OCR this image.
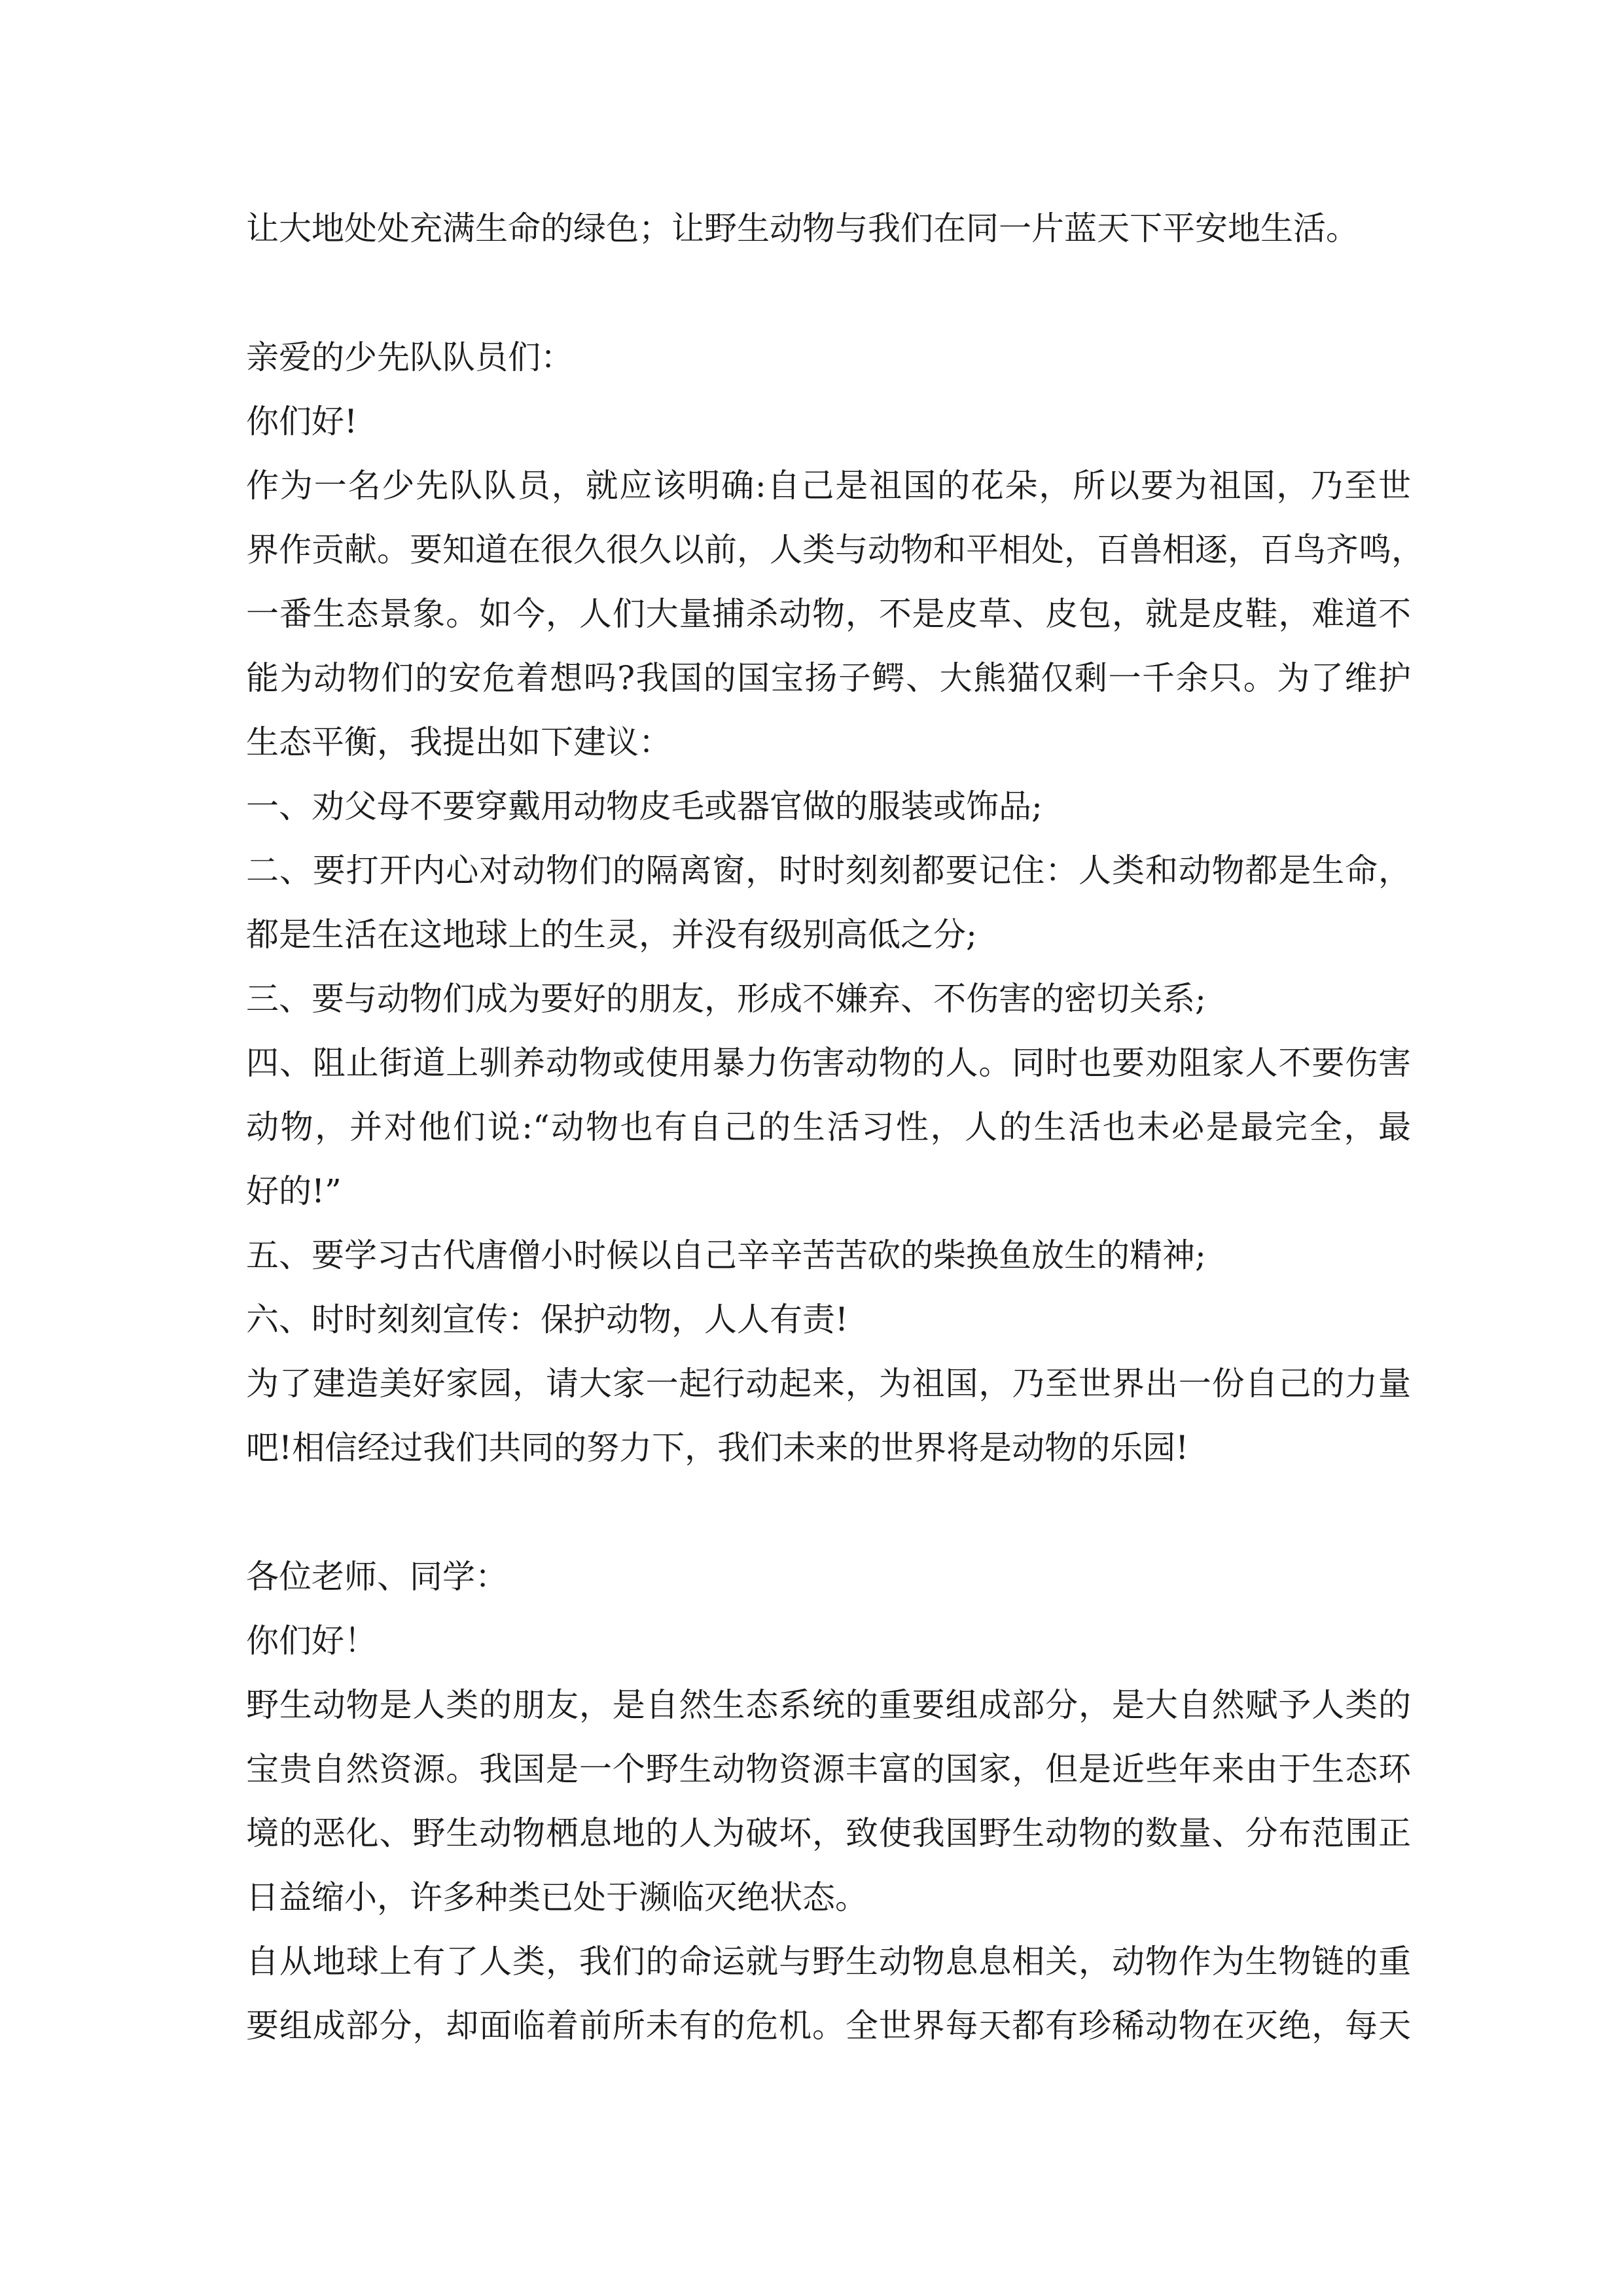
让大地处处充满生命的绿色；让野生动物与我们在同一片蓝天下平安地生活。
亲爱的少先队队员们：
你们好!
作为一名少先队队员，就应该明确:自己是祖国的花朵，所以要为祖国，乃至世
界作贡献。要知道在很久很久以前，人类与动物和平相处，百兽相逐，百鸟齐鸣，
一番生态景象。如今，人们大量捕杀动物，不是皮草、皮包，就是皮鞋，难道不
能为动物们的安危着想吗?我国的国宝扬子鳄、大熊猫仅剩一千余只。为了维护
生态平衡，我提出如下建议：
一、劝父母不要穿戴用动物皮毛或器官做的服装或饰品;
二、要打开内心对动物们的隔离窗，时时刻刻都要记住：人类和动物都是生命，
都是生活在这地球上的生灵，并没有级别高低之分;
三、要与动物们成为要好的朋友，形成不嫌弃、不伤害的密切关系;
四、阻止街道上驯养动物或使用暴力伤害动物的人。同时也要劝阻家人不要伤害
动物，并对他们说:“动物也有自己的生活习性，人的生活也未必是最完全，最
好的!”
五、要学习古代唐僧小时候以自己辛辛苦苦砍的柴换鱼放生的精神;
六、时时刻刻宣传：保护动物，人人有责!
为了建造美好家园，请大家一起行动起来，为祖国，乃至世界出一份自己的力量
吧!相信经过我们共同的努力下，我们未来的世界将是动物的乐园!
各位老师、同学：
你们好！
野生动物是人类的朋友，是自然生态系统的重要组成部分，是大自然赋予人类的
宝贵自然资源。我国是一个野生动物资源丰富的国家，但是近些年来由于生态环
境的恶化、野生动物栖息地的人为破坏，致使我国野生动物的数量、分布范围正
日益缩小，许多种类已处于濒临灭绝状态。
自从地球上有了人类，我们的命运就与野生动物息息相关，动物作为生物链的重
要组成部分，却面临着前所未有的危机。全世界每天都有珍稀动物在灭绝，每天
